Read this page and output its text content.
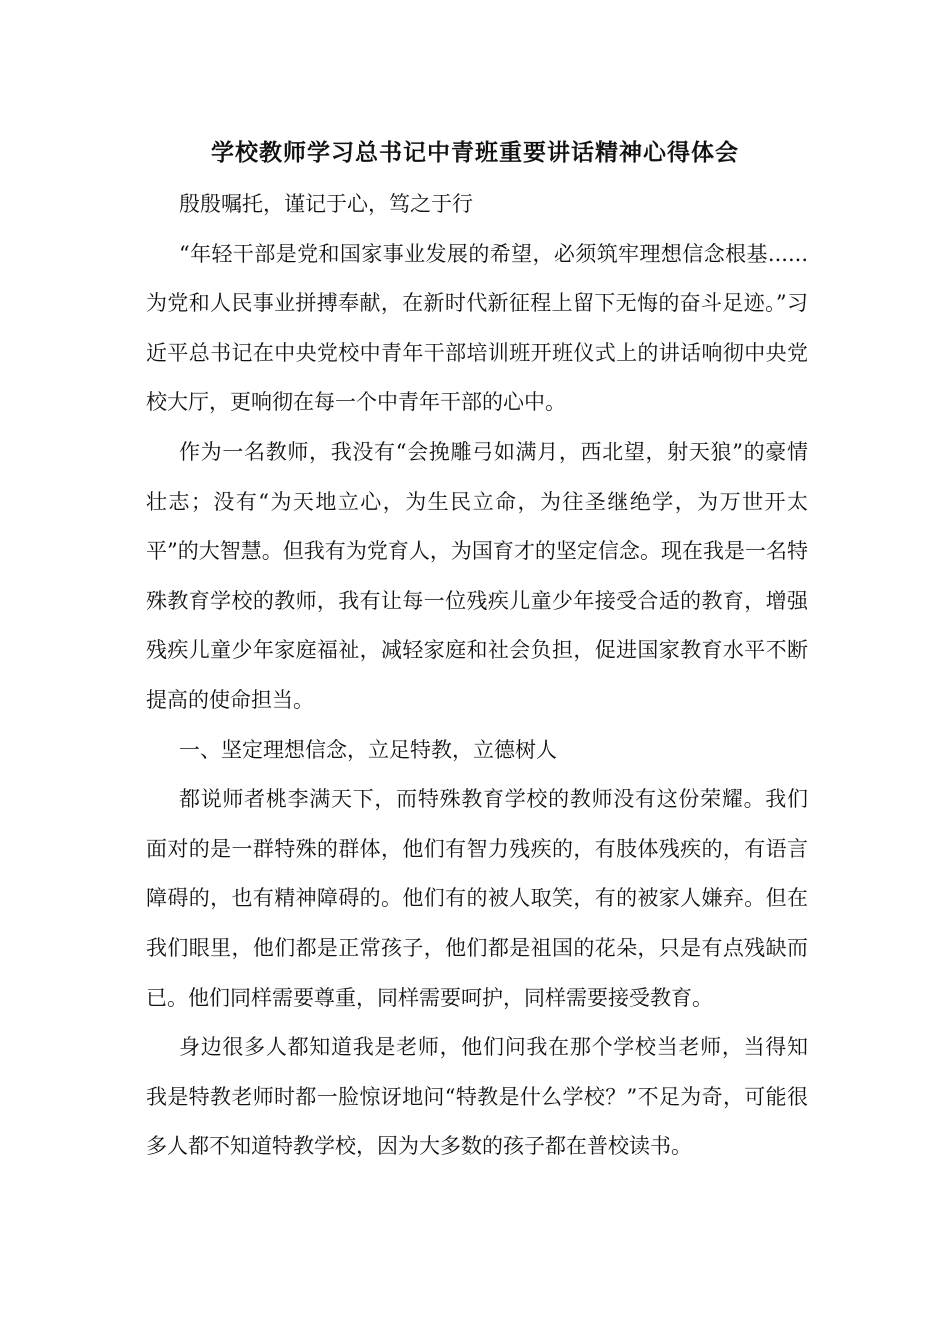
学校教师学习总书记中青班重要讲话精神心得体会

殷殷嘱托，谨记于心，笃之于行

“年轻干部是党和国家事业发展的希望，必须筑牢理想信念根基......为党和人民事业拼搏奉献，在新时代新征程上留下无悔的奋斗足迹。”习近平总书记在中央党校中青年干部培训班开班仪式上的讲话响彻中央党校大厅，更响彻在每一个中青年干部的心中。

作为一名教师，我没有“会挽雕弓如满月，西北望，射天狼”的豪情壮志；没有“为天地立心，为生民立命，为往圣继绝学，为万世开太平”的大智慧。但我有为党育人，为国育才的坚定信念。现在我是一名特殊教育学校的教师，我有让每一位残疾儿童少年接受合适的教育，增强残疾儿童少年家庭福祉，减轻家庭和社会负担，促进国家教育水平不断提高的使命担当。

一、坚定理想信念，立足特教，立德树人

都说师者桃李满天下，而特殊教育学校的教师没有这份荣耀。我们面对的是一群特殊的群体，他们有智力残疾的，有肢体残疾的，有语言障碍的，也有精神障碍的。他们有的被人取笑，有的被家人嫌弃。但在我们眼里，他们都是正常孩子，他们都是祖国的花朵，只是有点残缺而已。他们同样需要尊重，同样需要呵护，同样需要接受教育。

身边很多人都知道我是老师，他们问我在那个学校当老师，当得知我是特教老师时都一脸惊讶地问“特教是什么学校？”不足为奇，可能很多人都不知道特教学校，因为大多数的孩子都在普校读书。
